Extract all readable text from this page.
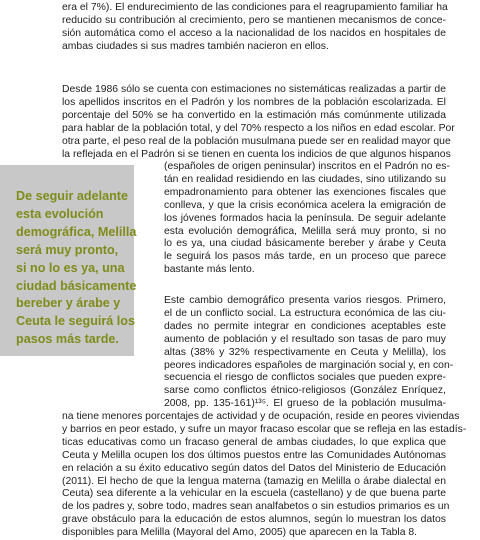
De seguir adelante
esta evolución
demográfica, Melilla
será muy pronto,
si no lo es ya, una
ciudad básicamente
bereber y árabe y
Ceuta le seguirá los
pasos más tarde.

era el 7%). El endurecimiento de las condiciones para el reagrupamiento familiar ha
reducido su contribución al crecimiento, pero se mantienen mecanismos de conce-
sión automática como el acceso a la nacionalidad de los nacidos en hospitales de
ambas ciudades si sus madres también nacieron en ellos.

Desde 1986 sólo se cuenta con estimaciones no sistemáticas realizadas a partir de
los apellidos inscritos en el Padrón y los nombres de la población escolarizada. El
porcentaje del 50% se ha convertido en la estimación más comúnmente utilizada
para hablar de la población total, y del 70% respecto a los niños en edad escolar. Por
otra parte, el peso real de la población musulmana puede ser en realidad mayor que
la reflejada en el Padrón si se tienen en cuenta los indicios de que algunos hispanos

(españoles de origen peninsular) inscritos en el Padrón no es-
tán en realidad residiendo en las ciudades, sino utilizando su
empadronamiento para obtener las exenciones fiscales que
conlleva, y que la crisis económica acelera la emigración de
los jóvenes formados hacia la península. De seguir adelante
esta evolución demográfica, Melilla será muy pronto, si no
lo es ya, una ciudad básicamente bereber y árabe y Ceuta
le seguirá los pasos más tarde, en un proceso que parece
bastante más lento.

Este cambio demográfico presenta varios riesgos. Primero,
el de un conflicto social. La estructura económica de las ciu-
dades no permite integrar en condiciones aceptables este
aumento de población y el resultado son tasas de paro muy
altas (38% y 32% respectivamente en Ceuta y Melilla), los
peores indicadores españoles de marginación social y, en con-
secuencia el riesgo de conflictos sociales que pueden expre-
sarse como conflictos étnico-religiosos (González Enríquez,
2008, pp. 135-161)¹³⁵. El grueso de la población musulma-

na tiene menores porcentajes de actividad y de ocupación, reside en peores viviendas
y barrios en peor estado, y sufre un mayor fracaso escolar que se refleja en las estadís-
ticas educativas como un fracaso general de ambas ciudades, lo que explica que
Ceuta y Melilla ocupen los dos últimos puestos entre las Comunidades Autónomas
en relación a su éxito educativo según datos del Datos del Ministerio de Educación
(2011). El hecho de que la lengua materna (tamazig en Melilla o árabe dialectal en
Ceuta) sea diferente a la vehicular en la escuela (castellano) y de que buena parte
de los padres y, sobre todo, madres sean analfabetos o sin estudios primarios es un
grave obstáculo para la educación de estos alumnos, según lo muestran los datos
disponibles para Melilla (Mayoral del Amo, 2005) que aparecen en la Tabla 8.
